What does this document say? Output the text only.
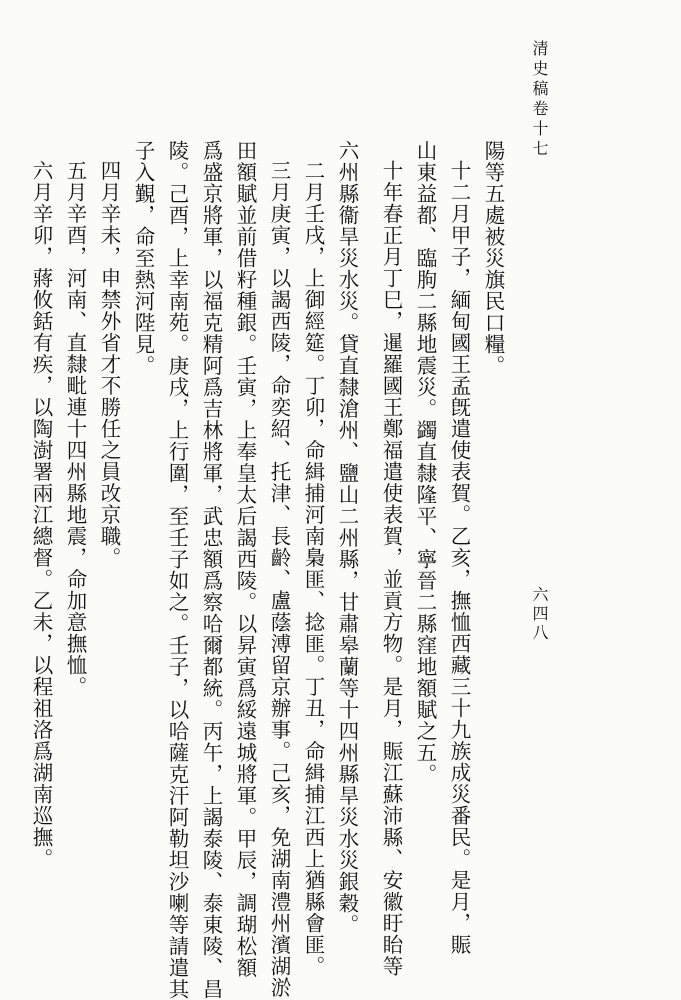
清史稿卷十七
六四八

陽等五處被災旗民口糧。

十二月甲子，緬甸國王孟旣遣使表賀。乙亥，撫恤西藏三十九族成災番民。是月，賑

山東益都、臨朐二縣地震災。蠲直隸隆平、寧晉二縣窪地額賦之五。

十年春正月丁巳，暹羅國王鄭福遣使表賀，並貢方物。是月，賑江蘇沛縣、安徽盱眙等

六州縣衞旱災水災。貸直隸滄州、鹽山二州縣，甘肅皋蘭等十四州縣旱災水災銀穀。

二月壬戌，上御經筵。丁卯，命緝捕河南梟匪、捻匪。丁丑，命緝捕江西上猶縣會匪。

三月庚寅，以謁西陵，命奕紹、托津、長齡、盧蔭溥留京辦事。己亥，免湖南澧州濱湖淤

田額賦並前借籽種銀。壬寅，上奉皇太后謁西陵。以昇寅爲綏遠城將軍。甲辰，調瑚松額

爲盛京將軍，以福克精阿爲吉林將軍，武忠額爲察哈爾都統。丙午，上謁泰陵、泰東陵、昌

陵。己酉，上幸南苑。庚戌，上行圍，至壬子如之。壬子，以哈薩克汗阿勒坦沙喇等請遣其

子入覲，命至熱河陛見。

四月辛未，申禁外省才不勝任之員改京職。

五月辛酉，河南、直隸毗連十四州縣地震，命加意撫恤。

六月辛卯，蔣攸銛有疾，以陶澍署兩江總督。乙未，以程祖洛爲湖南巡撫。
